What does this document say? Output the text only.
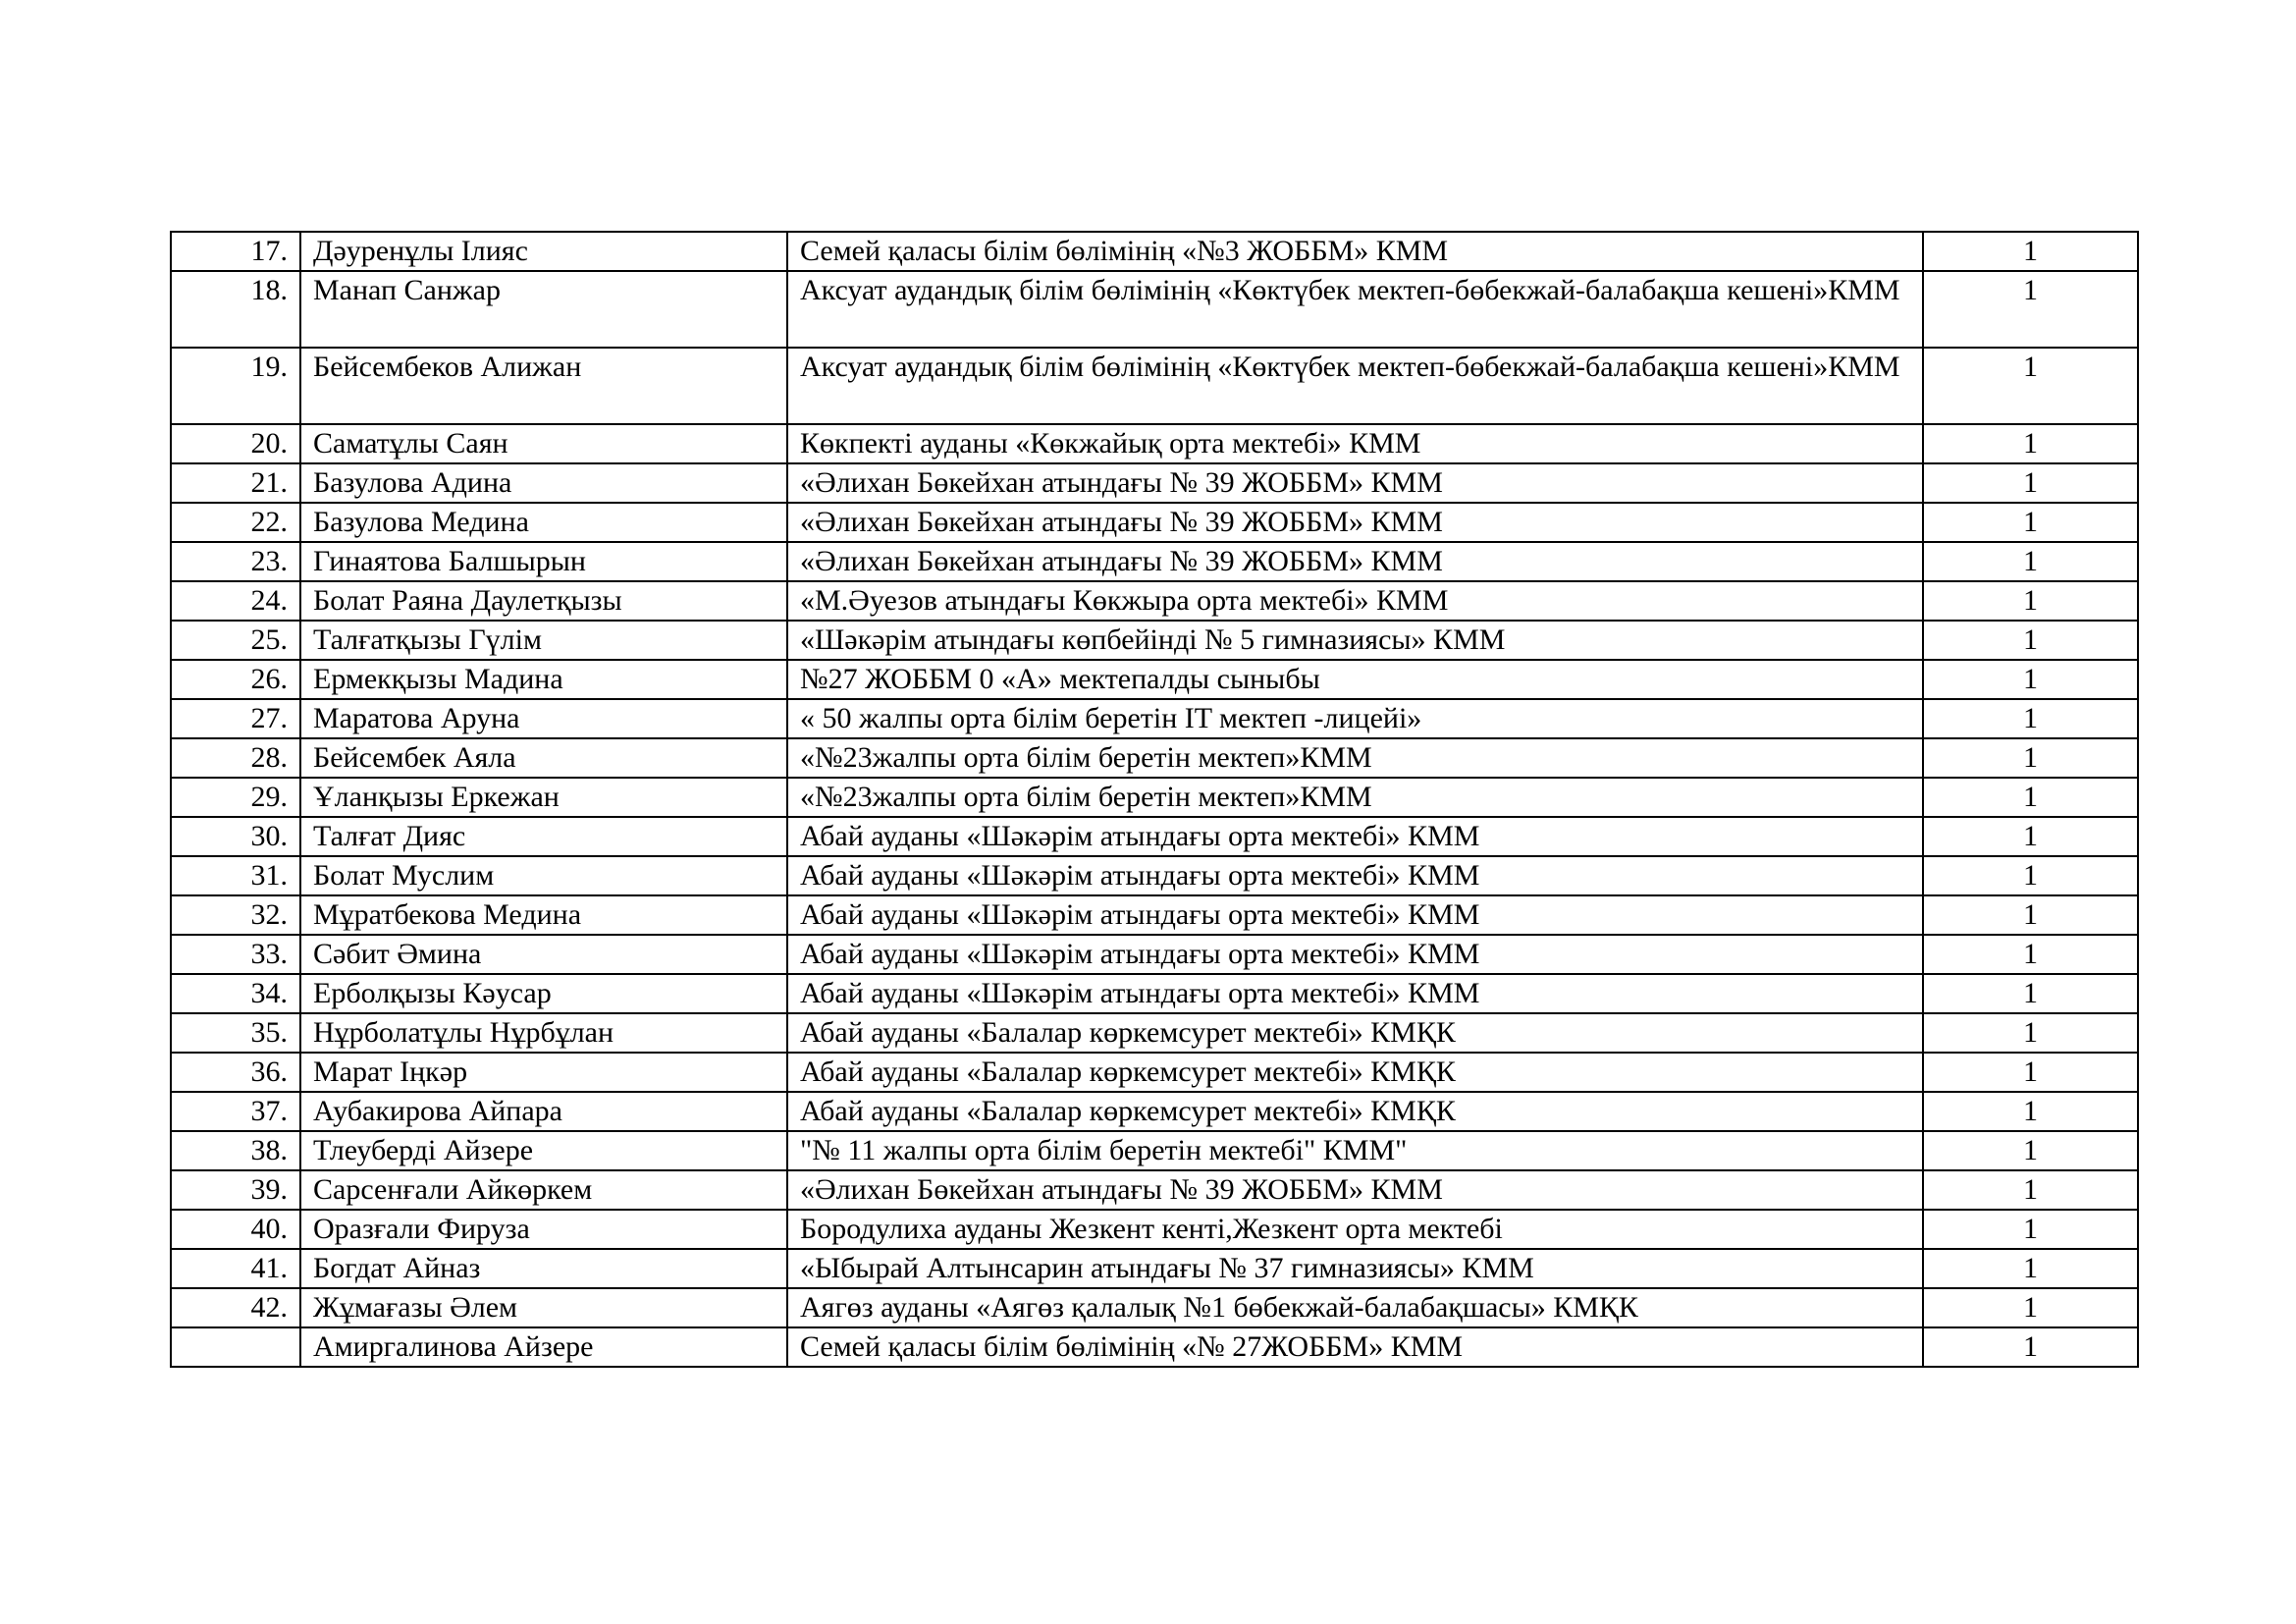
17.	Дәуренұлы Ілияс	Семей қаласы білім бөлімінің «№3 ЖОББМ» КММ	1
18.	Манап Санжар	Аксуат аудандық білім бөлімінің «Көктүбек мектеп-бөбекжай-балабақша кешені»КММ	1
19.	Бейсембеков Алижан	Аксуат аудандық білім бөлімінің «Көктүбек мектеп-бөбекжай-балабақша кешені»КММ	1
20.	Саматұлы Саян	Көкпекті ауданы «Көкжайық орта мектебі» КММ	1
21.	Базулова Адина	«Әлихан Бөкейхан атындағы № 39 ЖОББМ» КММ	1
22.	Базулова Медина	«Әлихан Бөкейхан атындағы № 39 ЖОББМ» КММ	1
23.	Гинаятова Балшырын	«Әлихан Бөкейхан атындағы № 39 ЖОББМ» КММ	1
24.	Болат Раяна Даулетқызы	«М.Әуезов атындағы Көкжыра орта мектебі» КММ	1
25.	Талғатқызы Гүлім	«Шәкәрім атындағы көпбейінді № 5 гимназиясы» КММ	1
26.	Ермекқызы Мадина	№27 ЖОББМ 0 «А» мектепалды сыныбы	1
27.	Маратова Аруна	« 50 жалпы орта білім беретін IT мектеп -лицейі»	1
28.	Бейсембек Аяла	«№23жалпы орта білім беретін мектеп»КММ	1
29.	Ұланқызы Еркежан	«№23жалпы орта білім беретін мектеп»КММ	1
30.	Талғат Дияс	Абай ауданы «Шәкәрім атындағы орта мектебі» КММ	1
31.	Болат Муслим	Абай ауданы «Шәкәрім атындағы орта мектебі» КММ	1
32.	Мұратбекова Медина	Абай ауданы «Шәкәрім атындағы орта мектебі» КММ	1
33.	Сәбит Әмина	Абай ауданы «Шәкәрім атындағы орта мектебі» КММ	1
34.	Ерболқызы Кәусар	Абай ауданы «Шәкәрім атындағы орта мектебі» КММ	1
35.	Нұрболатұлы Нұрбұлан	Абай ауданы «Балалар көркемсурет мектебі» КМҚК	1
36.	Марат Іңкәр	Абай ауданы «Балалар көркемсурет мектебі» КМҚК	1
37.	Аубакирова Айпара	Абай ауданы «Балалар көркемсурет мектебі» КМҚК	1
38.	Тлеуберді Айзере	"№ 11 жалпы орта білім беретін мектебі" КММ"	1
39.	Сарсенғали Айкөркем	«Әлихан Бөкейхан атындағы № 39 ЖОББМ» КММ	1
40.	Оразғали Фируза	Бородулиха ауданы Жезкент кенті,Жезкент орта мектебі	1
41.	Богдат Айназ	«Ыбырай Алтынсарин атындағы № 37 гимназиясы» КММ	1
42.	Жұмағазы Әлем	Аягөз ауданы «Аягөз қалалық №1 бөбекжай-балабақшасы» КМҚК	1
	Амиргалинова Айзере	Семей қаласы білім бөлімінің «№ 27ЖОББМ» КММ	1
